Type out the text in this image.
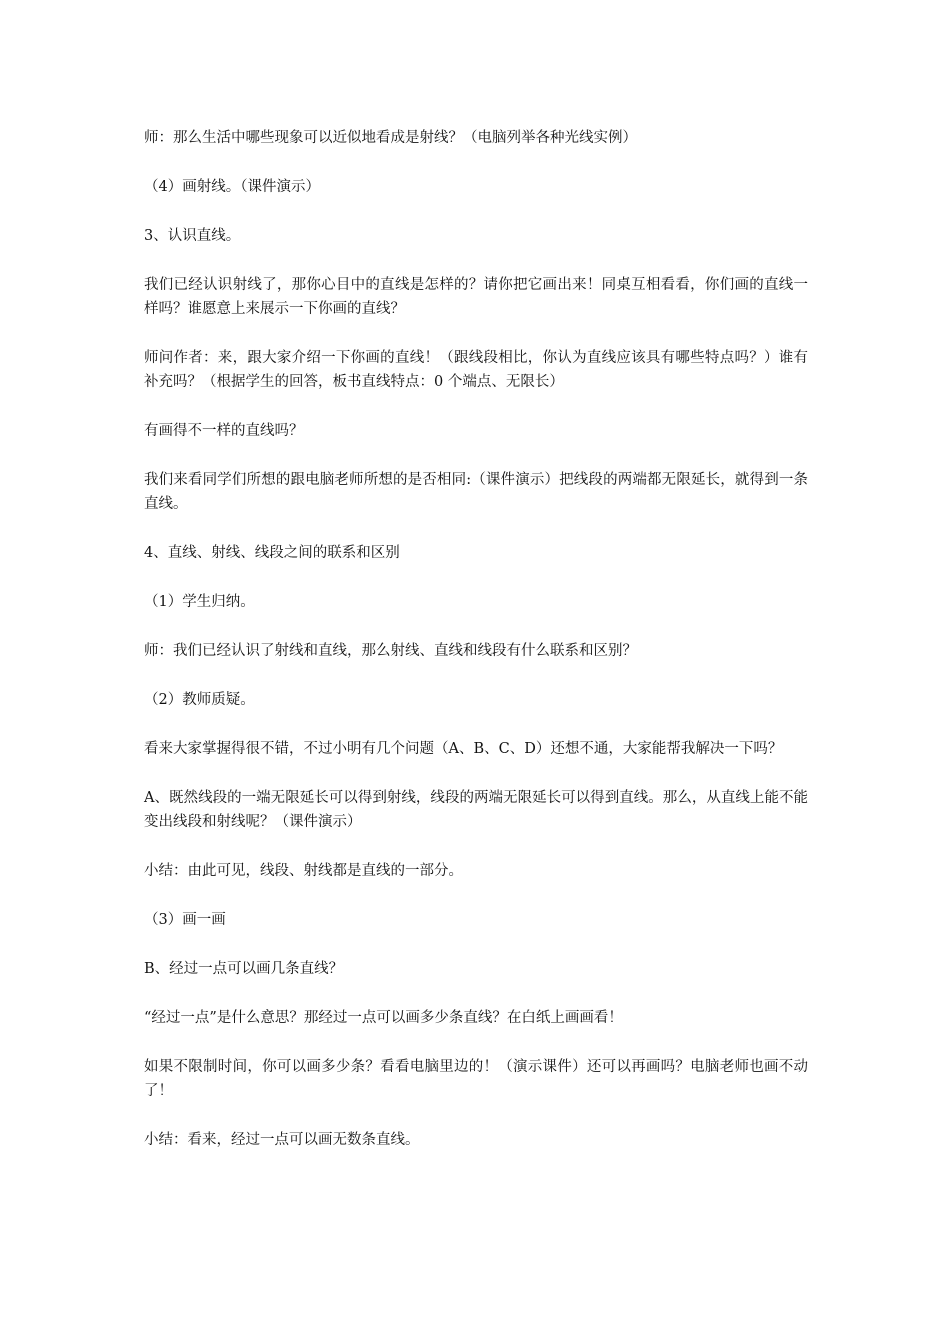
师：那么生活中哪些现象可以近似地看成是射线？（电脑列举各种光线实例）

（4）画射线。（课件演示）

3、认识直线。

我们已经认识射线了，那你心目中的直线是怎样的？请你把它画出来！同桌互相看看，你们画的直线一样吗？谁愿意上来展示一下你画的直线？

师问作者：来，跟大家介绍一下你画的直线！（跟线段相比，你认为直线应该具有哪些特点吗？）谁有补充吗？（根据学生的回答，板书直线特点：0 个端点、无限长）

有画得不一样的直线吗？

我们来看同学们所想的跟电脑老师所想的是否相同:（课件演示）把线段的两端都无限延长，就得到一条直线。

4、直线、射线、线段之间的联系和区别

（1）学生归纳。

师：我们已经认识了射线和直线，那么射线、直线和线段有什么联系和区别？

（2）教师质疑。

看来大家掌握得很不错，不过小明有几个问题（A、B、C、D）还想不通，大家能帮我解决一下吗？

A、既然线段的一端无限延长可以得到射线，线段的两端无限延长可以得到直线。那么，从直线上能不能变出线段和射线呢？（课件演示）

小结：由此可见，线段、射线都是直线的一部分。

（3）画一画

B、经过一点可以画几条直线？

“经过一点”是什么意思？那经过一点可以画多少条直线？在白纸上画画看！

如果不限制时间，你可以画多少条？看看电脑里边的！（演示课件）还可以再画吗？电脑老师也画不动了！

小结：看来，经过一点可以画无数条直线。
